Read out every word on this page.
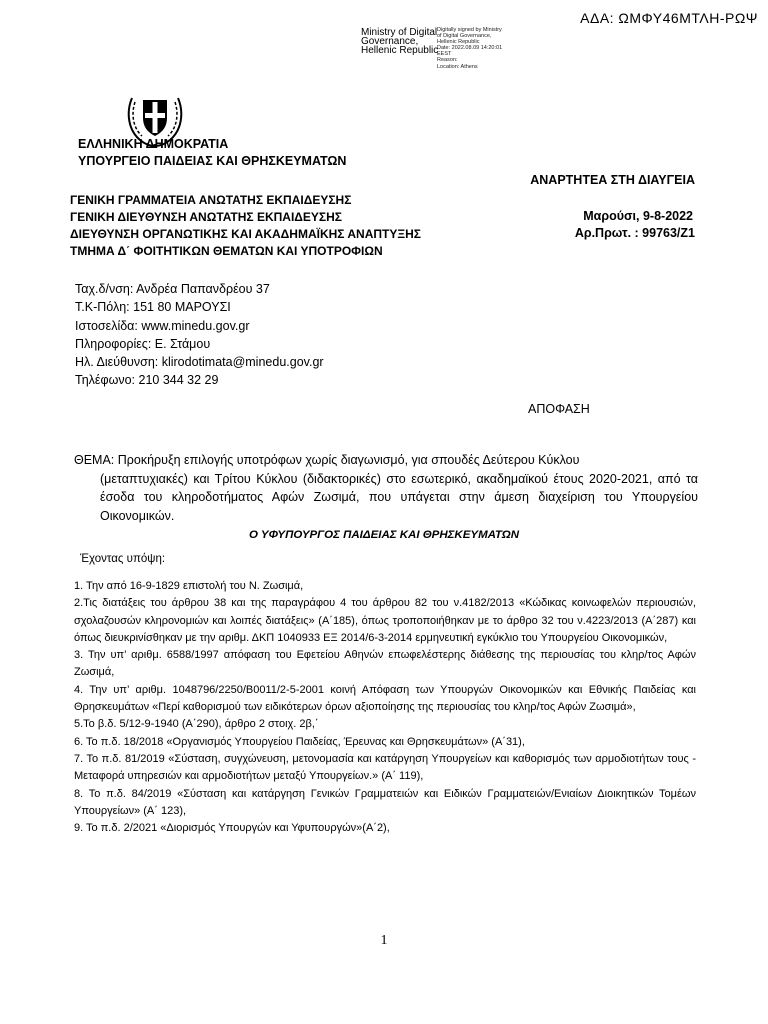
ΑΔΑ: ΩΜΦΥ46ΜΤΛΗ-ΡΩΨ
Ministry of Digital
Governance,
Hellenic Republic
Digitally signed by Ministry
of Digital Governance,
Hellenic Republic
Date: 2022.08.09 14:20:01
EEST
Reason:
Location: Athens
ΕΛΛΗΝΙΚΗ ΔΗΜΟΚΡΑΤΙΑ
ΥΠΟΥΡΓΕΙΟ ΠΑΙΔΕΙΑΣ ΚΑΙ ΘΡΗΣΚΕΥΜΑΤΩΝ
ΑΝΑΡΤΗΤΕΑ ΣΤΗ ΔΙΑΥΓΕΙΑ
ΓΕΝΙΚΗ ΓΡΑΜΜΑΤΕΙΑ ΑΝΩΤΑΤΗΣ ΕΚΠΑΙΔΕΥΣΗΣ
ΓΕΝΙΚΗ ΔΙΕΥΘΥΝΣΗ ΑΝΩΤΑΤΗΣ ΕΚΠΑΙΔΕΥΣΗΣ
ΔΙΕΥΘΥΝΣΗ ΟΡΓΑΝΩΤΙΚΗΣ ΚΑΙ ΑΚΑΔΗΜΑΪΚΗΣ ΑΝΑΠΤΥΞΗΣ
ΤΜΗΜΑ Δ΄ ΦΟΙΤΗΤΙΚΩΝ ΘΕΜΑΤΩΝ ΚΑΙ ΥΠΟΤΡΟΦΙΩΝ
Μαρούσι, 9-8-2022
Αρ.Πρωτ. : 99763/Ζ1
Ταχ.δ/νση: Ανδρέα Παπανδρέου 37
Τ.Κ-Πόλη: 151 80 ΜΑΡΟΥΣΙ
Ιστοσελίδα: www.minedu.gov.gr
Πληροφορίες: Ε. Στάμου
Ηλ. Διεύθυνση: klirodotimata@minedu.gov.gr
Τηλέφωνο: 210 344 32 29
ΑΠΟΦΑΣΗ
ΘΕΜΑ: Προκήρυξη επιλογής υποτρόφων χωρίς διαγωνισμό, για σπουδές Δεύτερου Κύκλου
(μεταπτυχιακές) και Τρίτου Κύκλου (διδακτορικές) στο εσωτερικό, ακαδημαϊκού έτους 2020-2021, από τα έσοδα του κληροδοτήματος Αφών Ζωσιμά, που υπάγεται στην άμεση διαχείριση του Υπουργείου Οικονομικών.
Ο ΥΦΥΠΟΥΡΓΟΣ ΠΑΙΔΕΙΑΣ ΚΑΙ ΘΡΗΣΚΕΥΜΑΤΩΝ
Έχοντας υπόψη:

1. Την από 16-9-1829 επιστολή του Ν. Ζωσιμά,

2.Τις διατάξεις του άρθρου 38 και της παραγράφου 4 του άρθρου 82 του ν.4182/2013 «Κώδικας κοινωφελών περιουσιών, σχολαζουσών κληρονομιών και λοιπές διατάξεις» (Α΄185), όπως τροποποιήθηκαν με το άρθρο 32 του ν.4223/2013 (Α΄287) και όπως διευκρινίσθηκαν με την αριθμ. ΔΚΠ 1040933 ΕΞ 2014/6-3-2014 ερμηνευτική εγκύκλιο του Υπουργείου Οικονομικών,

3. Την υπ’ αριθμ. 6588/1997 απόφαση του Εφετείου Αθηνών επωφελέστερης διάθεσης της περιουσίας του κληρ/τος Αφών Ζωσιμά,

4. Την υπ’ αριθμ. 1048796/2250/Β0011/2-5-2001 κοινή Απόφαση των Υπουργών Οικονομικών και Εθνικής Παιδείας και Θρησκευμάτων «Περί καθορισμού των ειδικότερων όρων αξιοποίησης της περιουσίας του κληρ/τος Αφών Ζωσιμά»,

5.Το β.δ. 5/12-9-1940 (Α΄290), άρθρο 2 στοιχ. 2β,΄

6. Το π.δ. 18/2018 «Οργανισμός Υπουργείου Παιδείας, Έρευνας και Θρησκευμάτων» (Α΄31),

7. Το π.δ. 81/2019 «Σύσταση, συγχώνευση, μετονομασία και κατάργηση Υπουργείων και καθορισμός των αρμοδιοτήτων τους - Μεταφορά υπηρεσιών και αρμοδιοτήτων μεταξύ Υπουργείων.» (Α΄ 119),

8. Το π.δ. 84/2019 «Σύσταση και κατάργηση Γενικών Γραμματειών και Ειδικών Γραμματειών/Ενιαίων Διοικητικών Τομέων Υπουργείων» (Α΄ 123),

9. Το π.δ. 2/2021 «Διορισμός Υπουργών και Υφυπουργών»(Α΄2),

1
